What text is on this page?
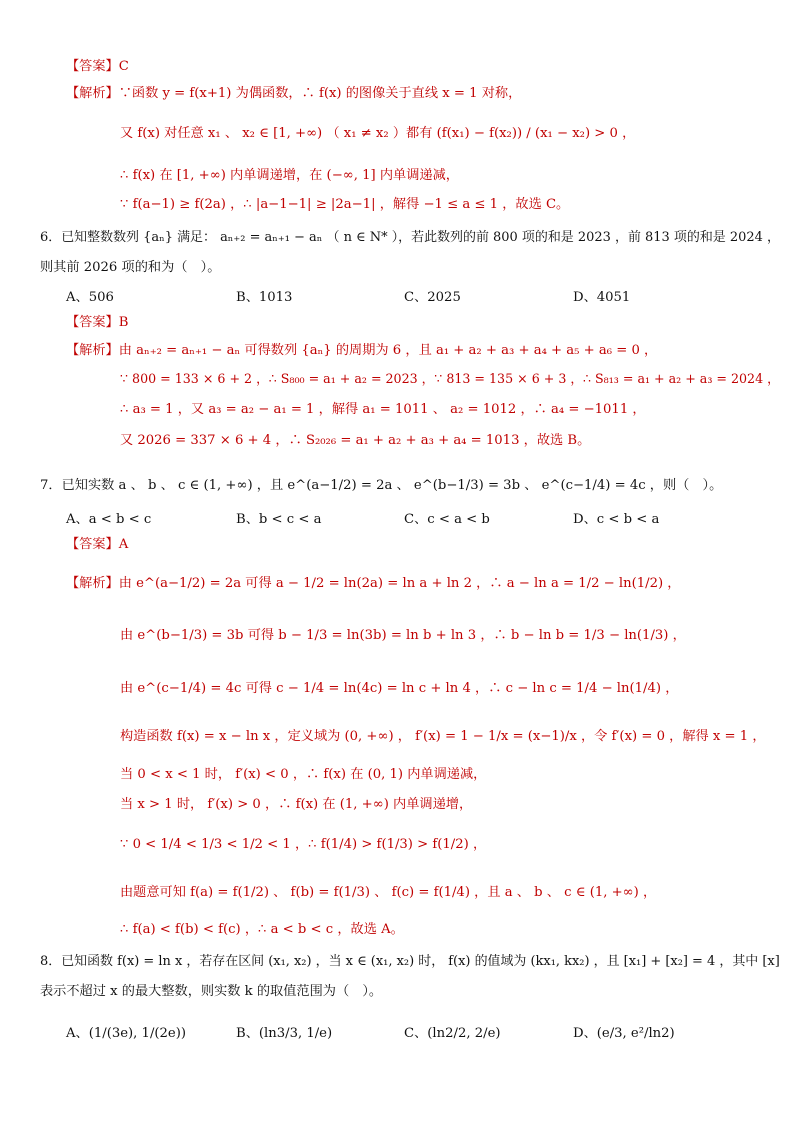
【答案】C
【解析】∵函数 y = f(x+1) 为偶函数，∴ f(x) 的图像关于直线 x = 1 对称，
又 f(x) 对任意 x₁ 、 x₂ ∈ [1, +∞) （ x₁ ≠ x₂ ）都有 (f(x₁) − f(x₂)) / (x₁ − x₂) > 0 ，
∴ f(x) 在 [1, +∞) 内单调递增，在 (−∞, 1] 内单调递减，
∵ f(a−1) ≥ f(2a) ，∴ |a−1−1| ≥ |2a−1| ，解得 −1 ≤ a ≤ 1 ，故选 C。
6．已知整数数列 {aₙ} 满足： aₙ₊₂ = aₙ₊₁ − aₙ （ n ∈ N* ），若此数列的前 800 项的和是 2023 ，前 813 项的和是 2024 ，
则其前 2026 项的和为（　）。
A、506	B、1013	C、2025	D、4051
【答案】B
【解析】由 aₙ₊₂ = aₙ₊₁ − aₙ 可得数列 {aₙ} 的周期为 6 ，且 a₁ + a₂ + a₃ + a₄ + a₅ + a₆ = 0 ，
∵ 800 = 133 × 6 + 2 ，∴ S₈₀₀ = a₁ + a₂ = 2023 ，∵ 813 = 135 × 6 + 3 ，∴ S₈₁₃ = a₁ + a₂ + a₃ = 2024 ，
∴ a₃ = 1 ，又 a₃ = a₂ − a₁ = 1 ，解得 a₁ = 1011 、 a₂ = 1012 ，∴ a₄ = −1011 ，
又 2026 = 337 × 6 + 4 ，∴ S₂₀₂₆ = a₁ + a₂ + a₃ + a₄ = 1013 ，故选 B。
7．已知实数 a 、 b 、 c ∈ (1, +∞) ，且 e^(a−1/2) = 2a 、 e^(b−1/3) = 3b 、 e^(c−1/4) = 4c ，则（　）。
A、a < b < c	B、b < c < a	C、c < a < b	D、c < b < a
【答案】A
【解析】由 e^(a−1/2) = 2a 可得 a − 1/2 = ln(2a) = ln a + ln 2 ，∴ a − ln a = 1/2 − ln(1/2) ，
由 e^(b−1/3) = 3b 可得 b − 1/3 = ln(3b) = ln b + ln 3 ，∴ b − ln b = 1/3 − ln(1/3) ，
由 e^(c−1/4) = 4c 可得 c − 1/4 = ln(4c) = ln c + ln 4 ，∴ c − ln c = 1/4 − ln(1/4) ，
构造函数 f(x) = x − ln x ，定义域为 (0, +∞) ， f′(x) = 1 − 1/x = (x−1)/x ，令 f′(x) = 0 ，解得 x = 1 ，
当 0 < x < 1 时， f′(x) < 0 ，∴ f(x) 在 (0, 1) 内单调递减，
当 x > 1 时， f′(x) > 0 ，∴ f(x) 在 (1, +∞) 内单调递增，
∵ 0 < 1/4 < 1/3 < 1/2 < 1 ，∴ f(1/4) > f(1/3) > f(1/2) ，
由题意可知 f(a) = f(1/2) 、 f(b) = f(1/3) 、 f(c) = f(1/4) ，且 a 、 b 、 c ∈ (1, +∞) ，
∴ f(a) < f(b) < f(c) ，∴ a < b < c ，故选 A。
8．已知函数 f(x) = ln x ，若存在区间 (x₁, x₂) ，当 x ∈ (x₁, x₂) 时， f(x) 的值域为 (kx₁, kx₂) ，且 [x₁] + [x₂] = 4 ，其中 [x]
表示不超过 x 的最大整数，则实数 k 的取值范围为（　）。
A、(1/(3e), 1/(2e))	B、(ln3/3, 1/e)	C、(ln2/2, 2/e)	D、(e/3, e²/ln2)
